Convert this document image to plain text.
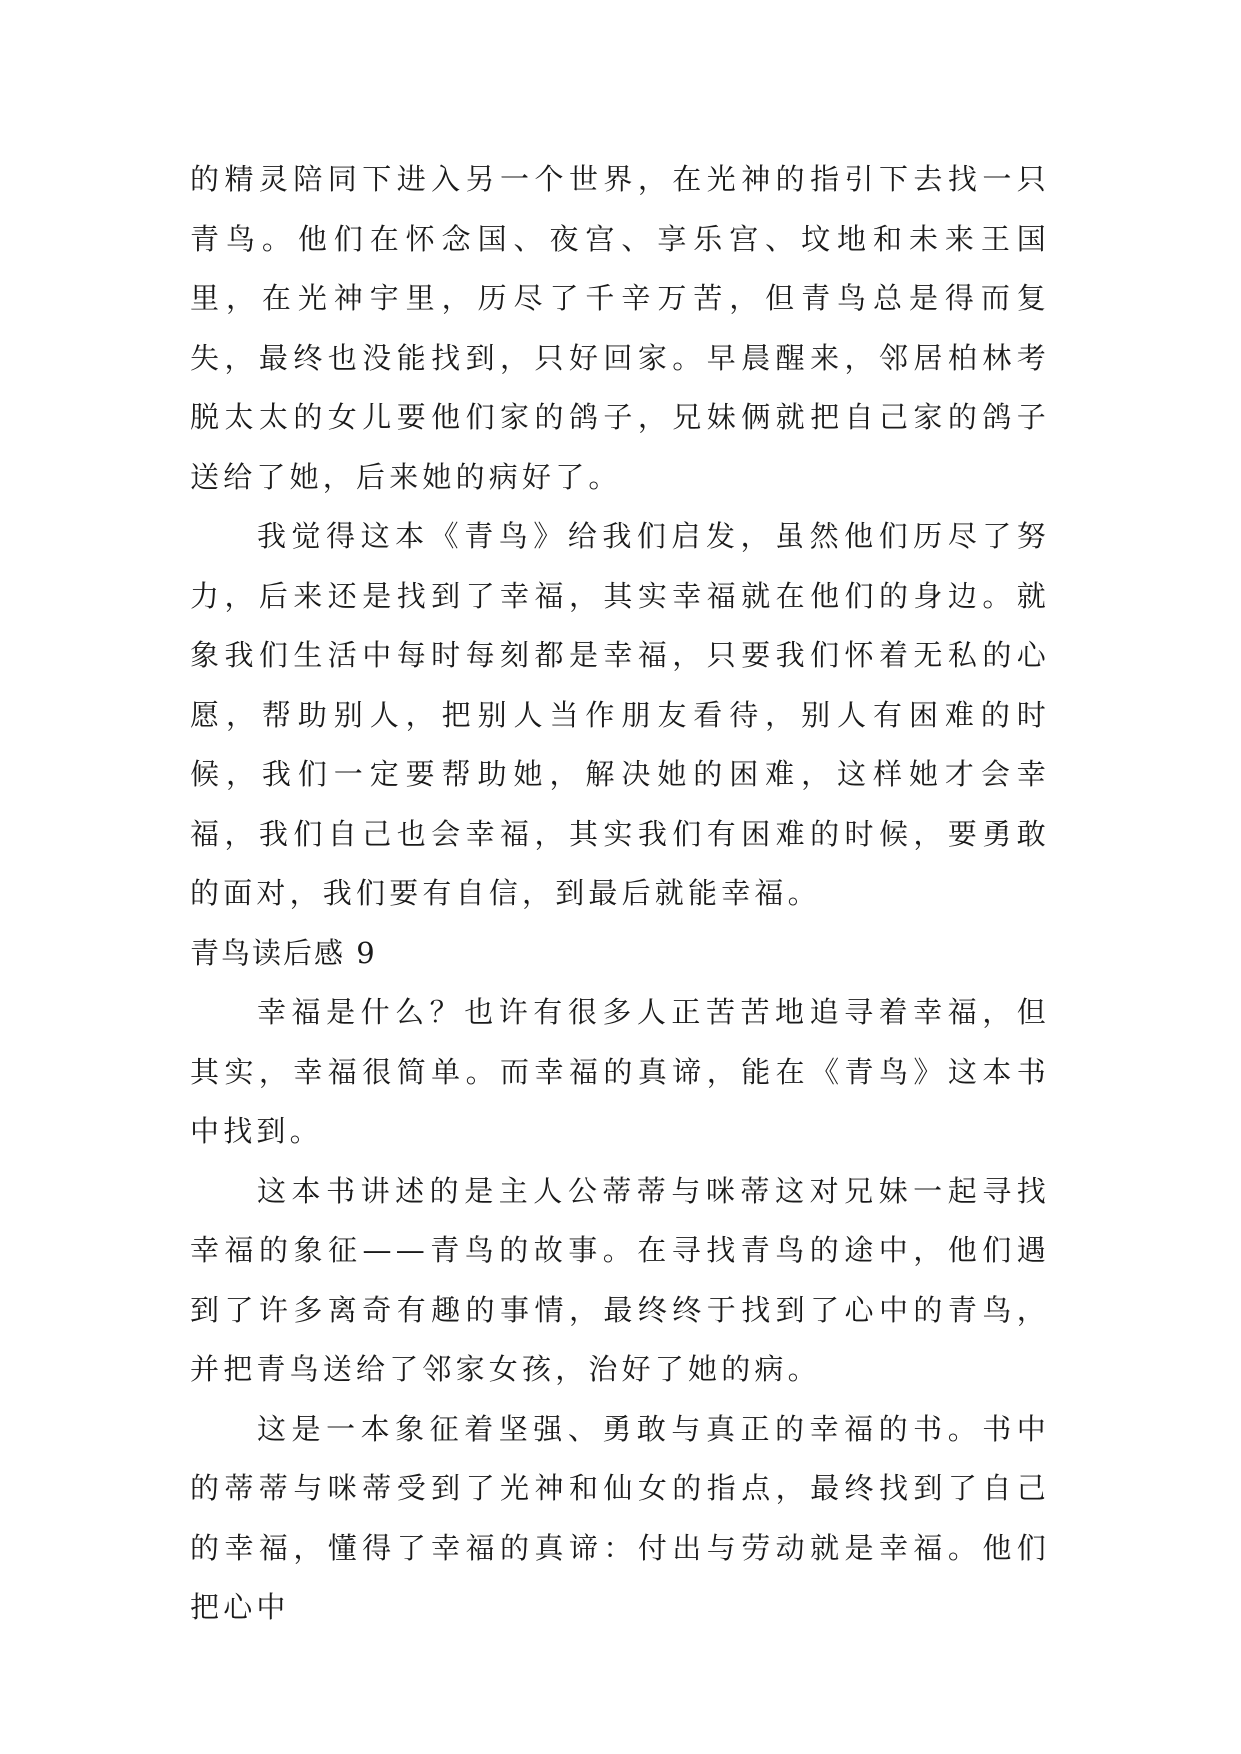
的精灵陪同下进入另一个世界，在光神的指引下去找一只青鸟。他们在怀念国、夜宫、享乐宫、坟地和未来王国里，在光神宇里，历尽了千辛万苦，但青鸟总是得而复失，最终也没能找到，只好回家。早晨醒来，邻居柏林考脱太太的女儿要他们家的鸽子，兄妹俩就把自己家的鸽子送给了她，后来她的病好了。

我觉得这本《青鸟》给我们启发，虽然他们历尽了努力，后来还是找到了幸福，其实幸福就在他们的身边。就象我们生活中每时每刻都是幸福，只要我们怀着无私的心愿，帮助别人，把别人当作朋友看待，别人有困难的时候，我们一定要帮助她，解决她的困难，这样她才会幸福，我们自己也会幸福，其实我们有困难的时候，要勇敢的面对，我们要有自信，到最后就能幸福。

青鸟读后感 9

幸福是什么？也许有很多人正苦苦地追寻着幸福，但其实，幸福很简单。而幸福的真谛，能在《青鸟》这本书中找到。

这本书讲述的是主人公蒂蒂与咪蒂这对兄妹一起寻找幸福的象征——青鸟的故事。在寻找青鸟的途中，他们遇到了许多离奇有趣的事情，最终终于找到了心中的青鸟，并把青鸟送给了邻家女孩，治好了她的病。

这是一本象征着坚强、勇敢与真正的幸福的书。书中的蒂蒂与咪蒂受到了光神和仙女的指点，最终找到了自己的幸福，懂得了幸福的真谛：付出与劳动就是幸福。他们把心中
